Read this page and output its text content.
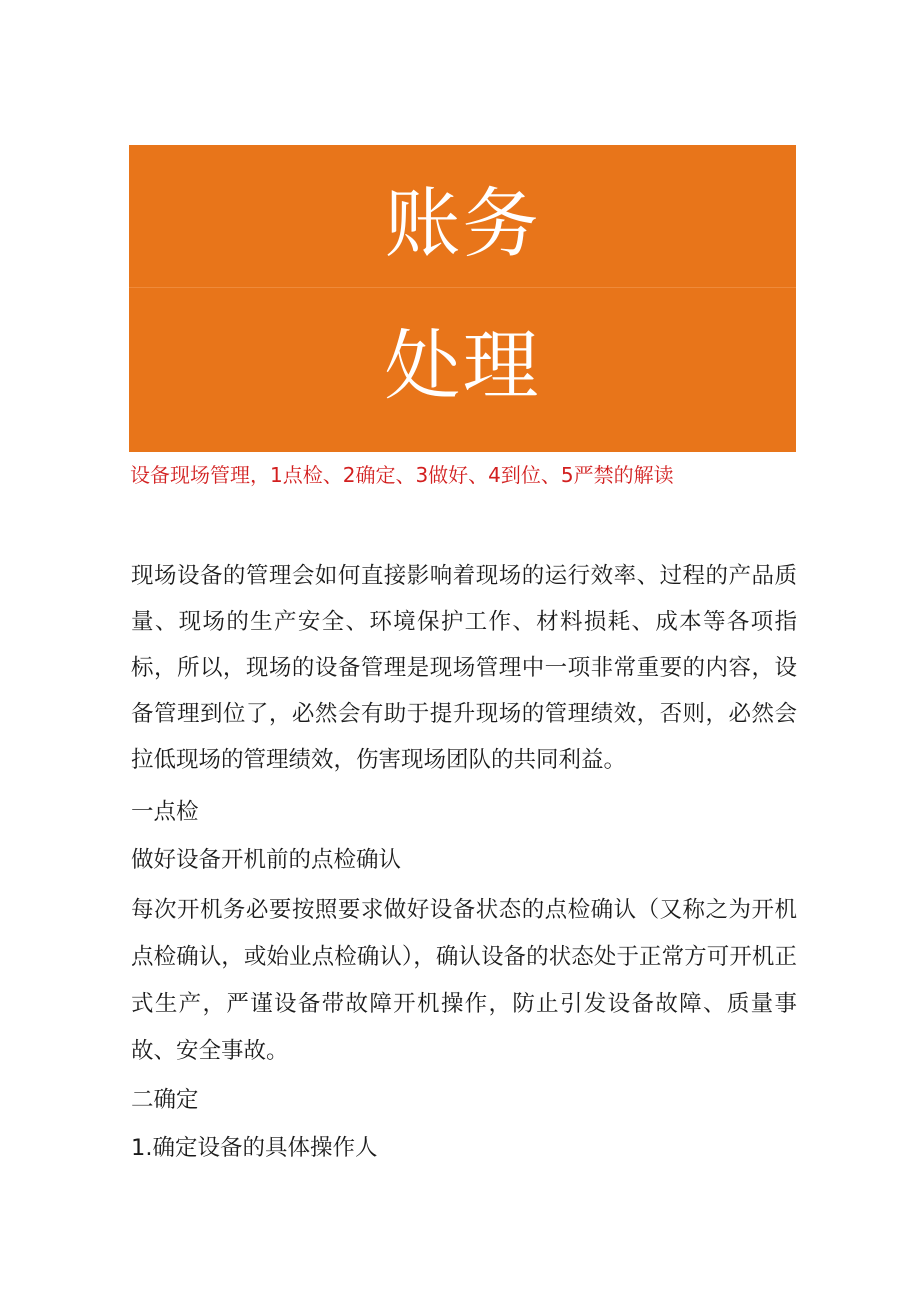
账务
处理
设备现场管理，1点检、2确定、3做好、4到位、5严禁的解读
现场设备的管理会如何直接影响着现场的运行效率、过程的产品质量、现场的生产安全、环境保护工作、材料损耗、成本等各项指标，所以，现场的设备管理是现场管理中一项非常重要的内容，设备管理到位了，必然会有助于提升现场的管理绩效，否则，必然会拉低现场的管理绩效，伤害现场团队的共同利益。
一点检
做好设备开机前的点检确认
每次开机务必要按照要求做好设备状态的点检确认（又称之为开机点检确认，或始业点检确认），确认设备的状态处于正常方可开机正式生产，严谨设备带故障开机操作，防止引发设备故障、质量事故、安全事故。
二确定
1.确定设备的具体操作人
